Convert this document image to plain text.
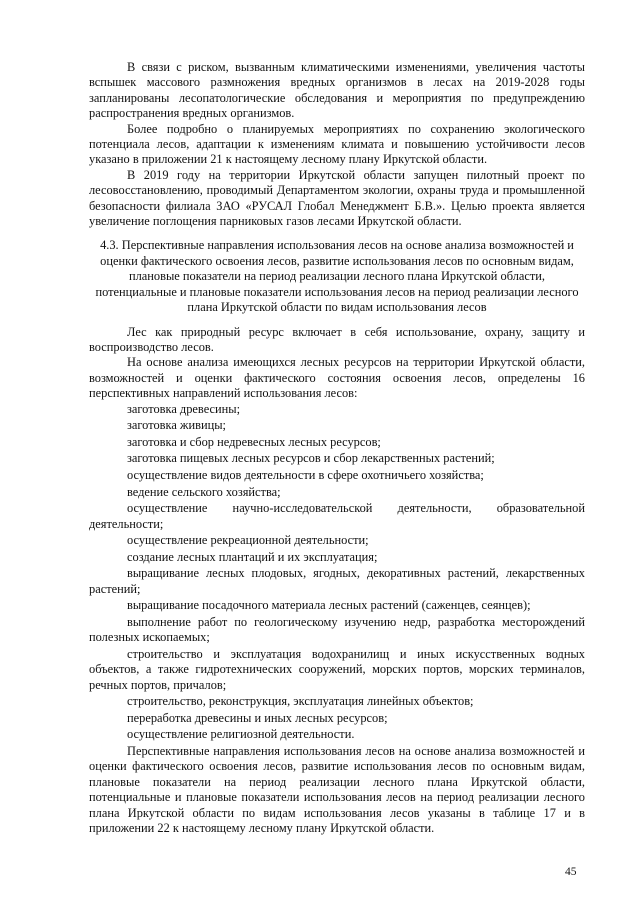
В связи с риском, вызванным климатическими изменениями, увеличения частоты вспышек массового размножения вредных организмов в лесах на 2019-2028 годы запланированы лесопатологические обследования и мероприятия по предупреждению распространения вредных организмов.

Более подробно о планируемых мероприятиях по сохранению экологического потенциала лесов, адаптации к изменениям климата и повышению устойчивости лесов указано в приложении 21 к настоящему лесному плану Иркутской области.

В 2019 году на территории Иркутской области запущен пилотный проект по лесовосстановлению, проводимый Департаментом экологии, охраны труда и промышленной безопасности филиала ЗАО «РУСАЛ Глобал Менеджмент Б.В.». Целью проекта является увеличение поглощения парниковых газов лесами Иркутской области.

4.3. Перспективные направления использования лесов на основе анализа возможностей и оценки фактического освоения лесов, развитие использования лесов по основным видам, плановые показатели на период реализации лесного плана Иркутской области, потенциальные и плановые показатели использования лесов на период реализации лесного плана Иркутской области по видам использования лесов

Лес как природный ресурс включает в себя использование, охрану, защиту и воспроизводство лесов.

На основе анализа имеющихся лесных ресурсов на территории Иркутской области, возможностей и оценки фактического состояния освоения лесов, определены 16 перспективных направлений использования лесов:

заготовка древесины;

заготовка живицы;

заготовка и сбор недревесных лесных ресурсов;

заготовка пищевых лесных ресурсов и сбор лекарственных растений;

осуществление видов деятельности в сфере охотничьего хозяйства;

ведение сельского хозяйства;

осуществление научно-исследовательской деятельности, образовательной деятельности;

осуществление рекреационной деятельности;

создание лесных плантаций и их эксплуатация;

выращивание лесных плодовых, ягодных, декоративных растений, лекарственных растений;

выращивание посадочного материала лесных растений (саженцев, сеянцев);

выполнение работ по геологическому изучению недр, разработка месторождений полезных ископаемых;

строительство и эксплуатация водохранилищ и иных искусственных водных объектов, а также гидротехнических сооружений, морских портов, морских терминалов, речных портов, причалов;

строительство, реконструкция, эксплуатация линейных объектов;

переработка древесины и иных лесных ресурсов;

осуществление религиозной деятельности.

Перспективные направления использования лесов на основе анализа возможностей и оценки фактического освоения лесов, развитие использования лесов по основным видам, плановые показатели на период реализации лесного плана Иркутской области, потенциальные и плановые показатели использования лесов на период реализации лесного плана Иркутской области по видам использования лесов указаны в таблице 17 и в приложении 22 к настоящему лесному плану Иркутской области.

45
